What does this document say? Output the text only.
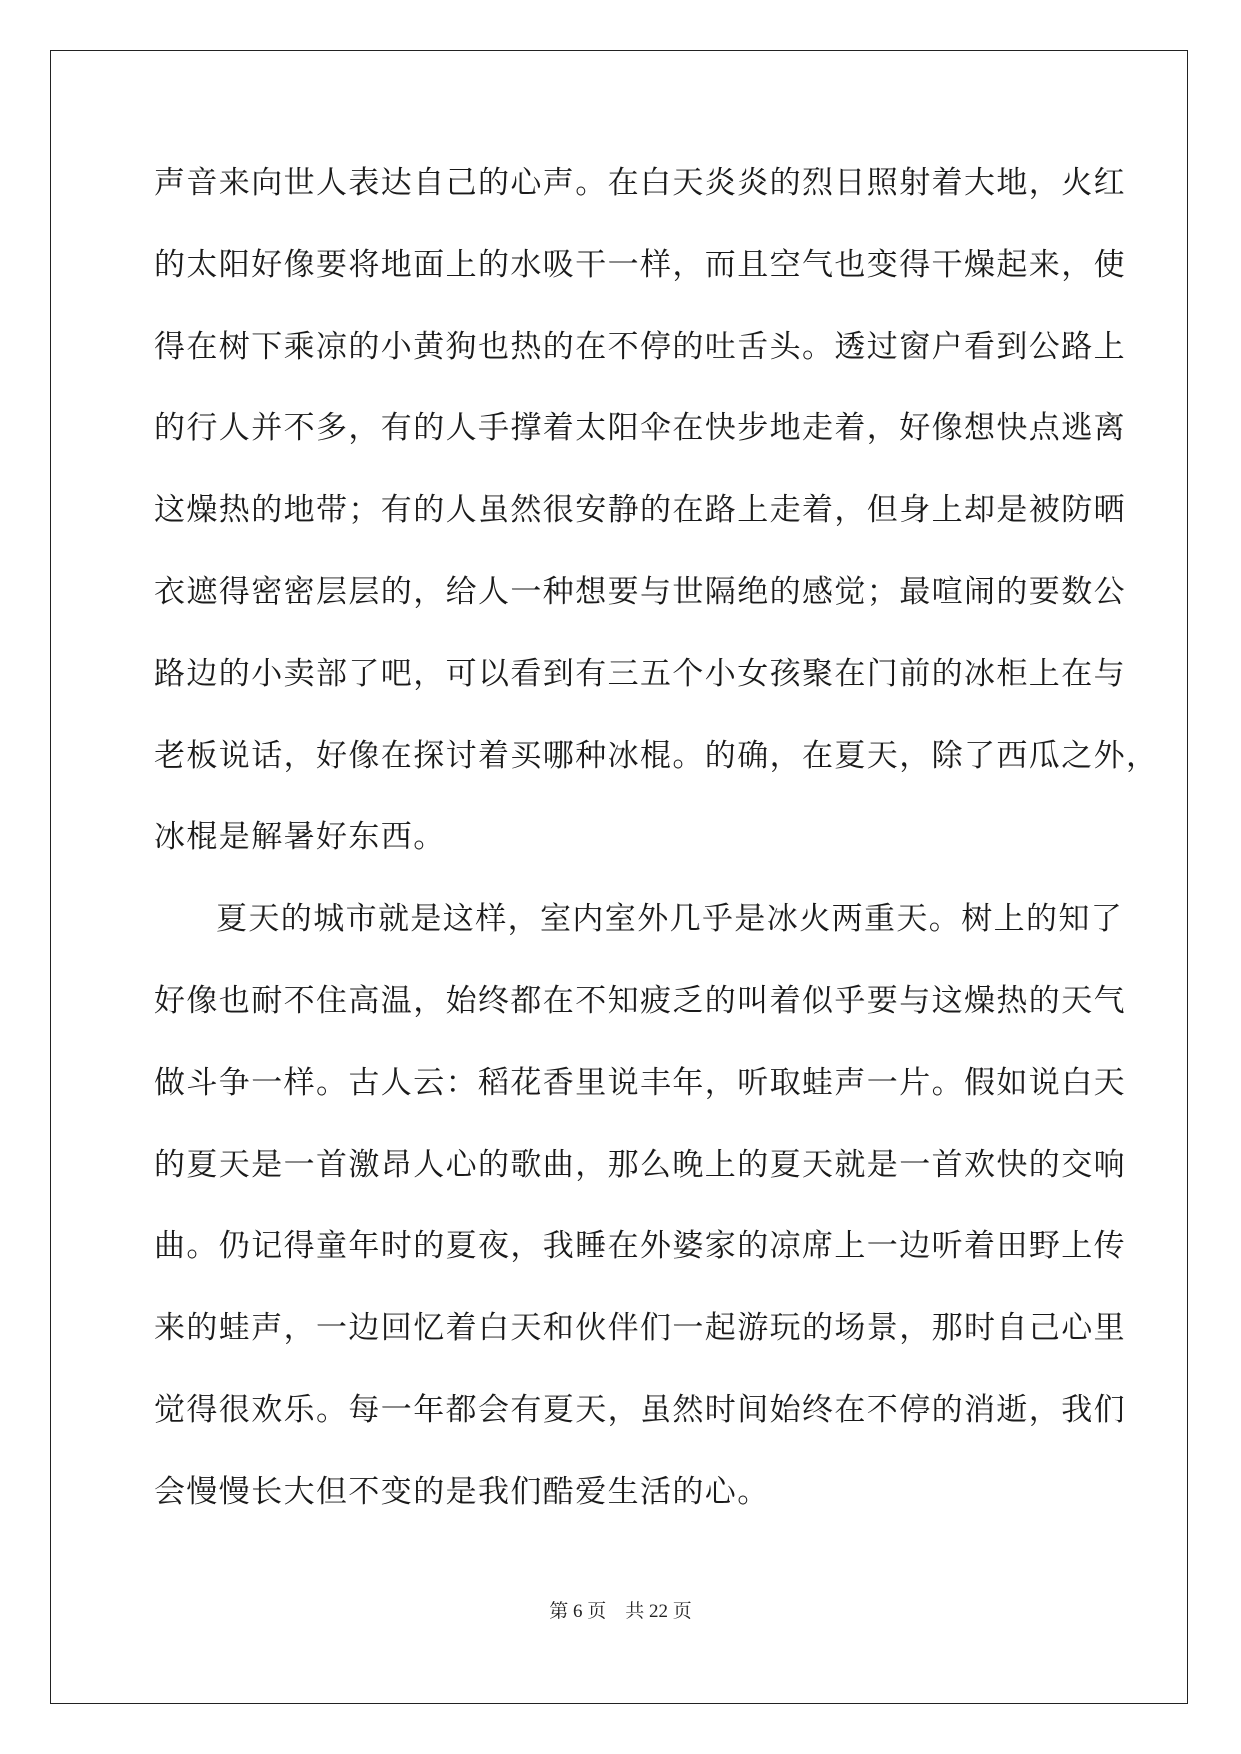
声音来向世人表达自己的心声。在白天炎炎的烈日照射着大地，火红
的太阳好像要将地面上的水吸干一样，而且空气也变得干燥起来，使
得在树下乘凉的小黄狗也热的在不停的吐舌头。透过窗户看到公路上
的行人并不多，有的人手撑着太阳伞在快步地走着，好像想快点逃离
这燥热的地带；有的人虽然很安静的在路上走着，但身上却是被防晒
衣遮得密密层层的，给人一种想要与世隔绝的感觉；最喧闹的要数公
路边的小卖部了吧，可以看到有三五个小女孩聚在门前的冰柜上在与
老板说话，好像在探讨着买哪种冰棍。的确，在夏天，除了西瓜之外，
冰棍是解暑好东西。
夏天的城市就是这样，室内室外几乎是冰火两重天。树上的知了
好像也耐不住高温，始终都在不知疲乏的叫着似乎要与这燥热的天气
做斗争一样。古人云：稻花香里说丰年，听取蛙声一片。假如说白天
的夏天是一首激昂人心的歌曲，那么晚上的夏天就是一首欢快的交响
曲。仍记得童年时的夏夜，我睡在外婆家的凉席上一边听着田野上传
来的蛙声，一边回忆着白天和伙伴们一起游玩的场景，那时自己心里
觉得很欢乐。每一年都会有夏天，虽然时间始终在不停的消逝，我们
会慢慢长大但不变的是我们酷爱生活的心。
第 6 页    共 22 页
